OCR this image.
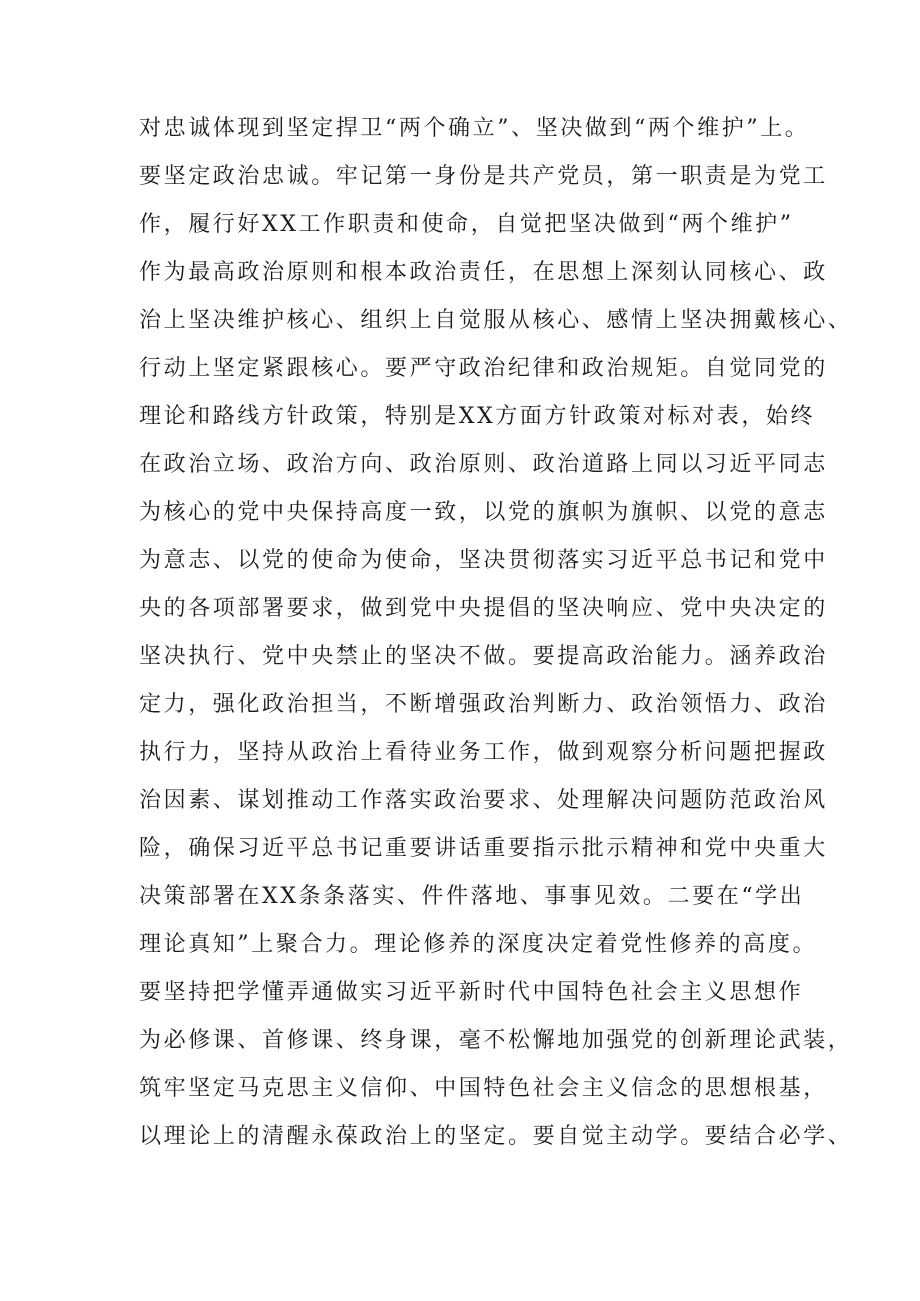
对忠诚体现到坚定捍卫“两个确立”、坚决做到“两个维护”上。
要坚定政治忠诚。牢记第一身份是共产党员，第一职责是为党工
作，履行好XX工作职责和使命，自觉把坚决做到“两个维护”
作为最高政治原则和根本政治责任，在思想上深刻认同核心、政
治上坚决维护核心、组织上自觉服从核心、感情上坚决拥戴核心、
行动上坚定紧跟核心。要严守政治纪律和政治规矩。自觉同党的
理论和路线方针政策，特别是XX方面方针政策对标对表，始终
在政治立场、政治方向、政治原则、政治道路上同以习近平同志
为核心的党中央保持高度一致，以党的旗帜为旗帜、以党的意志
为意志、以党的使命为使命，坚决贯彻落实习近平总书记和党中
央的各项部署要求，做到党中央提倡的坚决响应、党中央决定的
坚决执行、党中央禁止的坚决不做。要提高政治能力。涵养政治
定力，强化政治担当，不断增强政治判断力、政治领悟力、政治
执行力，坚持从政治上看待业务工作，做到观察分析问题把握政
治因素、谋划推动工作落实政治要求、处理解决问题防范政治风
险，确保习近平总书记重要讲话重要指示批示精神和党中央重大
决策部署在XX条条落实、件件落地、事事见效。二要在“学出
理论真知”上聚合力。理论修养的深度决定着党性修养的高度。
要坚持把学懂弄通做实习近平新时代中国特色社会主义思想作
为必修课、首修课、终身课，毫不松懈地加强党的创新理论武装，
筑牢坚定马克思主义信仰、中国特色社会主义信念的思想根基，
以理论上的清醒永葆政治上的坚定。要自觉主动学。要结合必学、
